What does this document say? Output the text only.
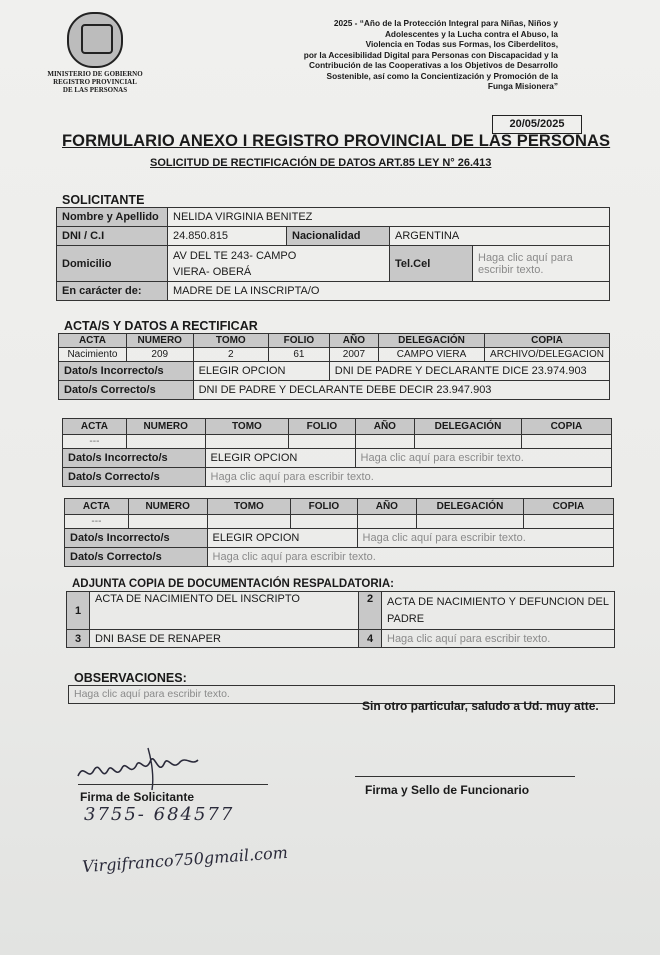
MINISTERIO DE GOBIERNO
REGISTRO PROVINCIAL
DE LAS PERSONAS
2025 - “Año de la Protección Integral para Niñas, Niños y
Adolescentes y la Lucha contra el Abuso, la
Violencia en Todas sus Formas, los Ciberdelitos,
por la Accesibilidad Digital para Personas con Discapacidad y la
Contribución de las Cooperativas a los Objetivos de Desarrollo
Sostenible, así como la Concientización y Promoción de la
Funga Misionera”
20/05/2025
FORMULARIO ANEXO I REGISTRO PROVINCIAL DE LAS PERSONAS
SOLICITUD DE RECTIFICACIÓN DE DATOS ART.85 LEY N° 26.413
SOLICITANTE
Nombre y Apellido	NELIDA VIRGINIA BENITEZ			
DNI / C.I	24.850.815	Nacionalidad	ARGENTINA	
Domicilio	AV DEL TE 243- CAMPO
VIERA- OBERÁ		Tel.Cel	Haga clic aquí para escribir texto.
En carácter de:	MADRE DE LA INSCRIPTA/O			
ACTA/S Y DATOS A RECTIFICAR
ACTA	NUMERO	TOMO	FOLIO	AÑO	DELEGACIÓN	COPIA
Nacimiento	209	2	61	2007	CAMPO VIERA	ARCHIVO/DELEGACION
Dato/s Incorrecto/s		ELEGIR OPCION		DNI DE PADRE Y DECLARANTE DICE 23.974.903		
Dato/s Correcto/s		DNI DE PADRE Y DECLARANTE DEBE DECIR 23.947.903				
ACTA	NUMERO	TOMO	FOLIO	AÑO	DELEGACIÓN	COPIA
---						
Dato/s Incorrecto/s		ELEGIR OPCION		Haga clic aquí para escribir texto.		
Dato/s Correcto/s		Haga clic aquí para escribir texto.				
ACTA	NUMERO	TOMO	FOLIO	AÑO	DELEGACIÓN	COPIA
---						
Dato/s Incorrecto/s		ELEGIR OPCION		Haga clic aquí para escribir texto.		
Dato/s Correcto/s		Haga clic aquí para escribir texto.				
ADJUNTA COPIA DE DOCUMENTACIÓN RESPALDATORIA:
1	ACTA DE NACIMIENTO DEL INSCRIPTO	2	ACTA DE NACIMIENTO Y DEFUNCION DEL PADRE
3	DNI BASE DE RENAPER	4	Haga clic aquí para escribir texto.
OBSERVACIONES:
Haga clic aquí para escribir texto.
Sin otro particular, saludo a Ud. muy atte.
Firma de Solicitante	Firma y Sello de Funcionario
3755- 684577
Virgifranco750gmail.com
